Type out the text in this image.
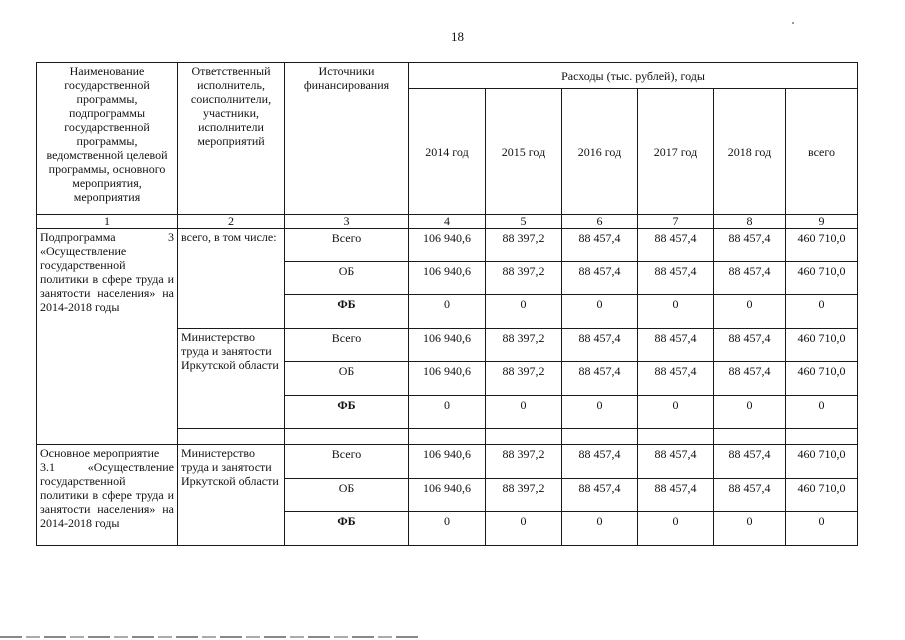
18
Наименование государственной программы, подпрограммы государственной программы, ведомственной целевой программы, основного мероприятия, мероприятия	Ответственный исполнитель, соисполнители, участники, исполнители мероприятий	Источники финансирования	Расходы (тыс. рублей), годы					
			2014 год	2015 год	2016 год	2017 год	2018 год	всего
1	2	3	4	5	6	7	8	9

Подпрограмма 3
«Осуществление государственной политики в сфере труда и занятости населения» на 2014-2018 годы	всего, в том числе:	Всего	106 940,6	88 397,2	88 457,4	88 457,4	88 457,4	460 710,0
		ОБ	106 940,6	88 397,2	88 457,4	88 457,4	88 457,4	460 710,0
		ФБ	0	0	0	0	0	0
	Министерство труда и занятости Иркутской области	Всего	106 940,6	88 397,2	88 457,4	88 457,4	88 457,4	460 710,0
		ОБ	106 940,6	88 397,2	88 457,4	88 457,4	88 457,4	460 710,0
		ФБ	0	0	0	0	0	0

Основное мероприятие
3.1 «Осуществление государственной политики в сфере труда и занятости населения» на 2014-2018 годы	Министерство труда и занятости Иркутской области	Всего	106 940,6	88 397,2	88 457,4	88 457,4	88 457,4	460 710,0
		ОБ	106 940,6	88 397,2	88 457,4	88 457,4	88 457,4	460 710,0
		ФБ	0	0	0	0	0	0
